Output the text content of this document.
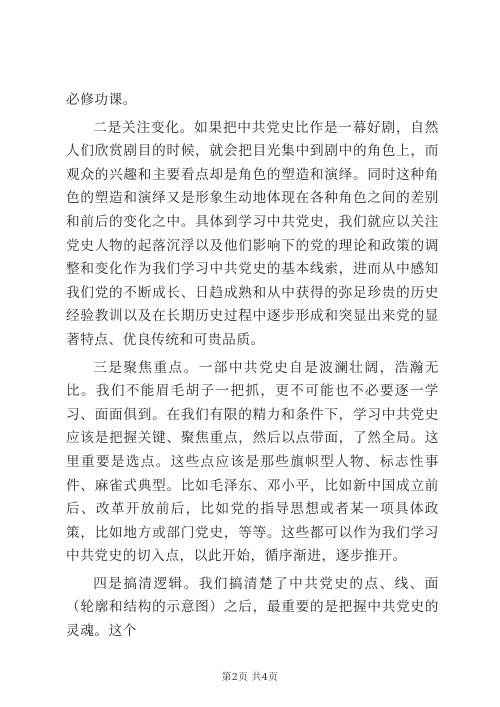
必修功课。

二是关注变化。如果把中共党史比作是一幕好剧，自然人们欣赏剧目的时候，就会把目光集中到剧中的角色上，而观众的兴趣和主要看点却是角色的塑造和演绎。同时这种角色的塑造和演绎又是形象生动地体现在各种角色之间的差别和前后的变化之中。具体到学习中共党史，我们就应以关注党史人物的起落沉浮以及他们影响下的党的理论和政策的调整和变化作为我们学习中共党史的基本线索，进而从中感知我们党的不断成长、日趋成熟和从中获得的弥足珍贵的历史经验教训以及在长期历史过程中逐步形成和突显出来党的显著特点、优良传统和可贵品质。

三是聚焦重点。一部中共党史自是波澜壮阔，浩瀚无比。我们不能眉毛胡子一把抓，更不可能也不必要逐一学习、面面俱到。在我们有限的精力和条件下，学习中共党史应该是把握关键、聚焦重点，然后以点带面，了然全局。这里重要是选点。这些点应该是那些旗帜型人物、标志性事件、麻雀式典型。比如毛泽东、邓小平，比如新中国成立前后、改革开放前后，比如党的指导思想或者某一项具体政策，比如地方或部门党史，等等。这些都可以作为我们学习中共党史的切入点，以此开始，循序渐进，逐步推开。

四是搞清逻辑。我们搞清楚了中共党史的点、线、面（轮廓和结构的示意图）之后，最重要的是把握中共党史的灵魂。这个

第2页 共4页
